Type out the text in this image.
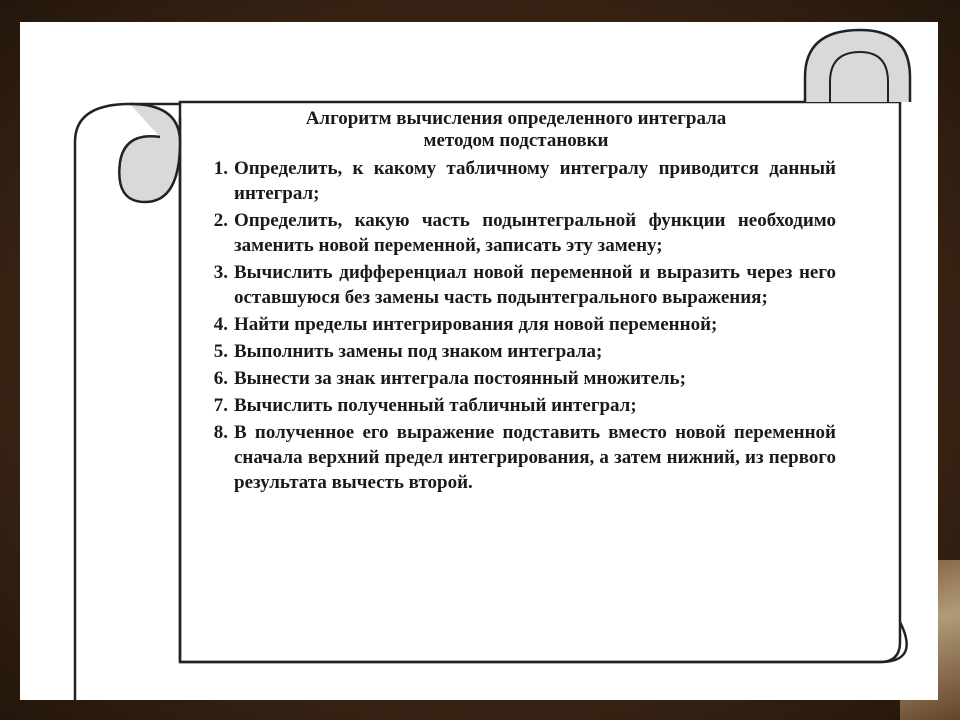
Алгоритм вычисления определенного интеграла
методом подстановки
1. Определить, к какому табличному интегралу приводится данный интеграл;
2. Определить, какую часть подынтегральной функции необходимо заменить новой переменной, записать эту замену;
3. Вычислить дифференциал новой переменной и выразить через него оставшуюся без замены часть подынтегрального выражения;
4. Найти пределы интегрирования для новой переменной;
5. Выполнить замены под знаком интеграла;
6. Вынести за знак интеграла постоянный множитель;
7. Вычислить полученный табличный интеграл;
8. В полученное его выражение подставить вместо новой переменной сначала верхний предел интегрирования, а затем нижний, из первого результата вычесть второй.
